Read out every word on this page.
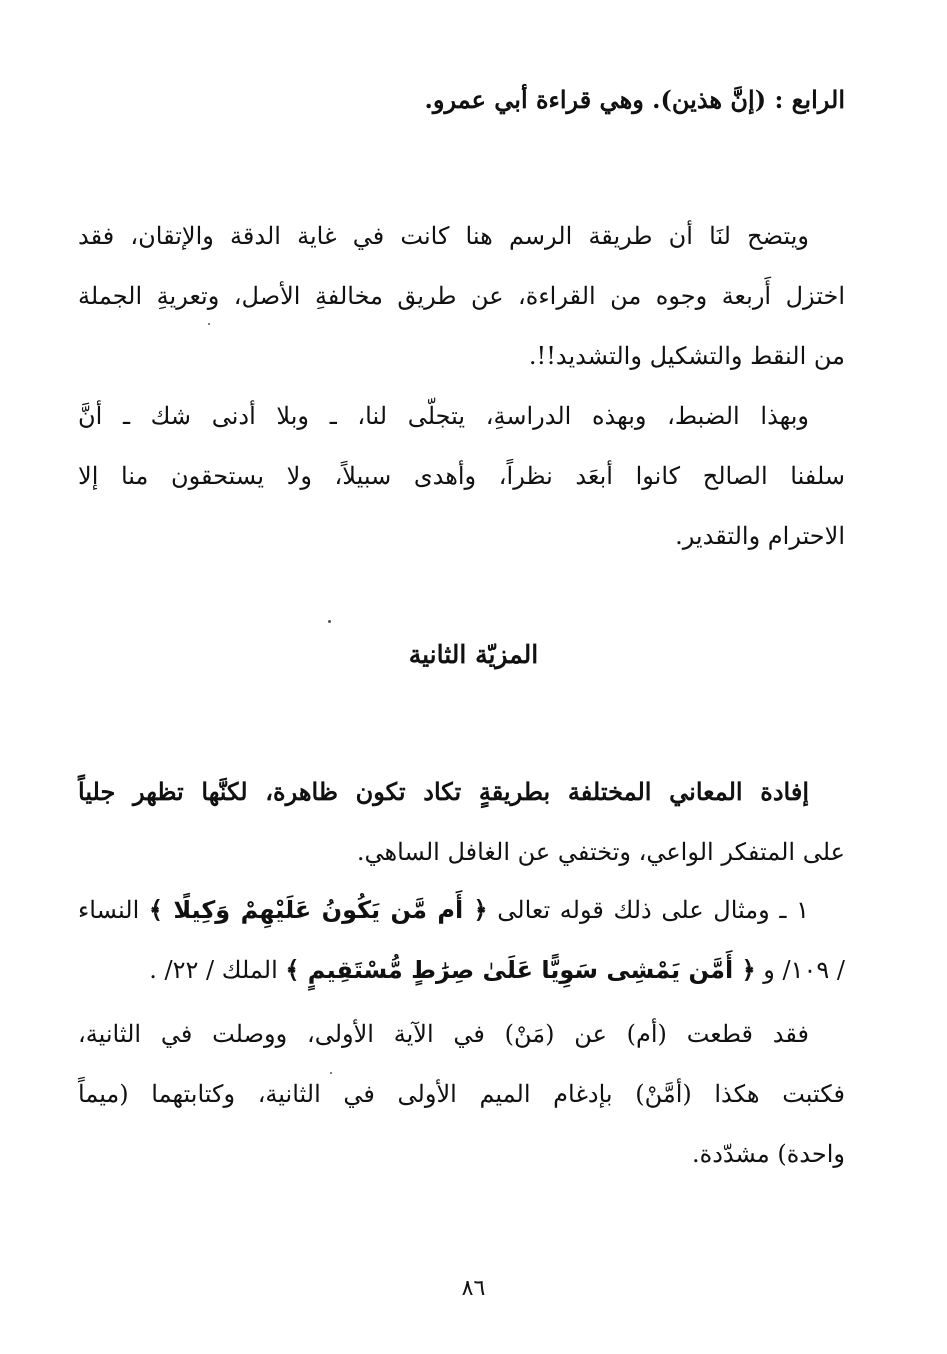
الرابع : (إنَّ هذين). وهي قراءة أبي عمرو.
ويتضح لنَا أن طريقة الرسم هنا كانت في غاية الدقة والإتقان، فقد
اختزل أَربعة وجوه من القراءة، عن طريق مخالفةِ الأصل، وتعريةِ الجملة
من النقط والتشكيل والتشديد!!.
وبهذا الضبط، وبهذه الدراسةِ، يتجلّى لنا، ـ وبلا أدنى شك ـ أنَّ
سلفنا الصالح كانوا أبعَد نظراً، وأهدى سبيلاً، ولا يستحقون منا إلا
الاحترام والتقدير.
المزيّة الثانية
إفادة المعاني المختلفة بطريقةٍ تكاد تكون ظاهرة، لكنَّها تظهر جلياً
على المتفكر الواعي، وتختفي عن الغافل الساهي.
١ ـ ومثال على ذلك قوله تعالى ﴿ أَم مَّن يَكُونُ عَلَيْهِمْ وَكِيلًا ﴾ النساء
/ ١٠٩/ و ﴿ أَمَّن يَمْشِى سَوِيًّا عَلَىٰ صِرَٰطٍ مُّسْتَقِيمٍ ﴾ الملك / ٢٢/ .
فقد قطعت (أم) عن (مَنْ) في الآية الأولى، ووصلت في الثانية،
فكتبت هكذا (أمَّنْ) بإدغام الميم الأولى في الثانية، وكتابتهما (ميماً
واحدة) مشدّدة.
٨٦
